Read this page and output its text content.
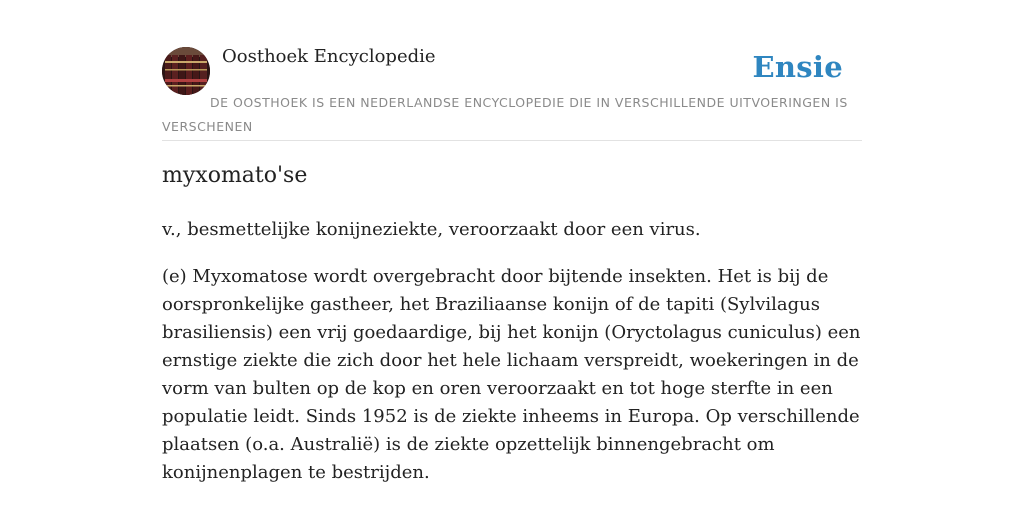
Oosthoek Encyclopedie	Ensie
DE OOSTHOEK IS EEN NEDERLANDSE ENCYCLOPEDIE DIE IN VERSCHILLENDE UITVOERINGEN IS VERSCHENEN
myxomato'se

v., besmettelijke konijneziekte, veroorzaakt door een virus.

(e) Myxomatose wordt overgebracht door bijtende insekten. Het is bij de oorspronkelijke gastheer, het Braziliaanse konijn of de tapiti (Sylvilagus brasiliensis) een vrij goedaardige, bij het konijn (Oryctolagus cuniculus) een ernstige ziekte die zich door het hele lichaam verspreidt, woekeringen in de vorm van bulten op de kop en oren veroorzaakt en tot hoge sterfte in een populatie leidt. Sinds 1952 is de ziekte inheems in Europa. Op verschillende plaatsen (o.a. Australië) is de ziekte opzettelijk binnengebracht om konijnenplagen te bestrijden.
